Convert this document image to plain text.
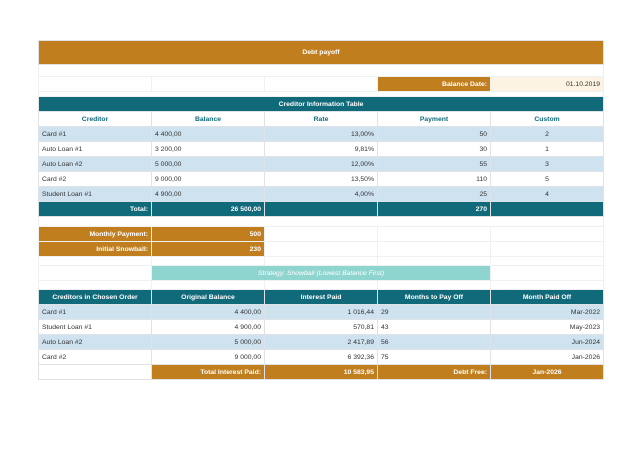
Debt payoff				

			Balance Date:	01.10.2019

Creditor Information Table				
Creditor	Balance	Rate	Payment	Custom
Card #1	4 400,00	13,00%	50	2
Auto Loan #1	3 200,00	9,81%	30	1
Auto Loan #2	5 000,00	12,00%	55	3
Card #2	9 000,00	13,50%	110	5
Student Loan #1	4 900,00	4,00%	25	4
Total:	26 500,00		270	

Monthly Payment:	500			
Initial Snowball:	230			

	Strategy: Snowball (Lowest Balance First)			

Creditors in Chosen Order	Original Balance	Interest Paid	Months to Pay Off	Month Paid Off
Card #1	4 400,00	1 016,44	29	Mar-2022
Student Loan #1	4 900,00	570,81	43	May-2023
Auto Loan #2	5 000,00	2 417,89	56	Jun-2024
Card #2	9 000,00	6 392,36	75	Jan-2026
	Total Interest Paid:	10 583,95	Debt Free:	Jan-2026
